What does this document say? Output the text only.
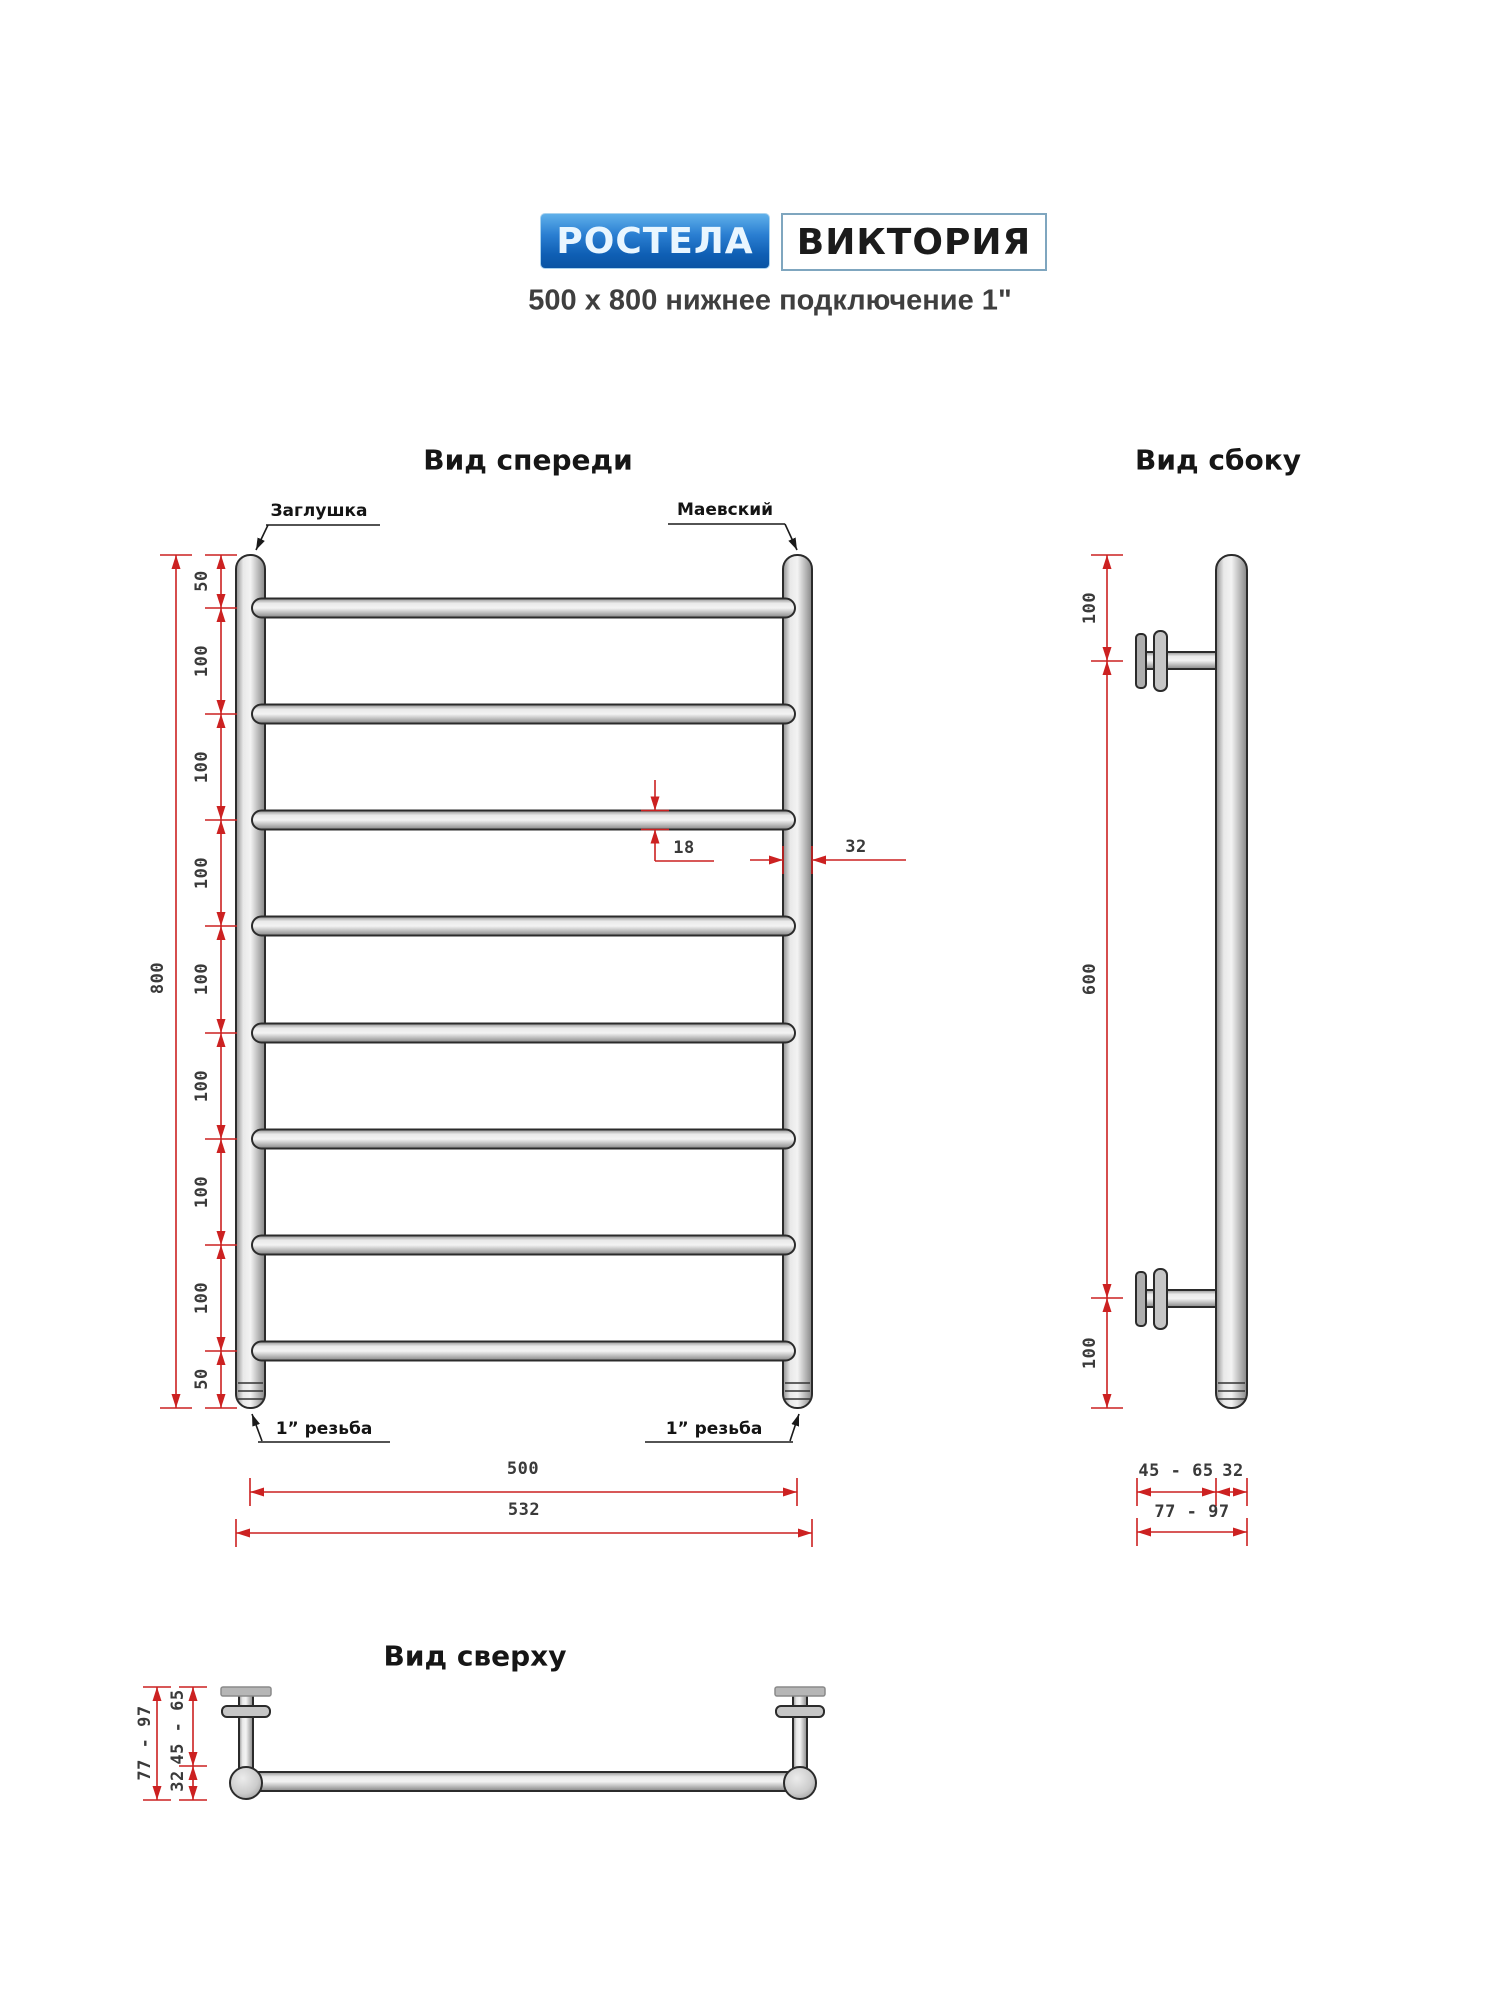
РОСТЕЛА	ВИКТОРИЯ
500 x 800 нижнее подключение 1"
Вид спереди	Вид сбоку
Вид сверху
Заглушка	Маевский
1” резьба	1” резьба
800
50
100
100
100
100
100
100
100
50
18	32
500
532
100
600
100
45 - 65 32
77 - 97
77 - 97 45 - 65
32
